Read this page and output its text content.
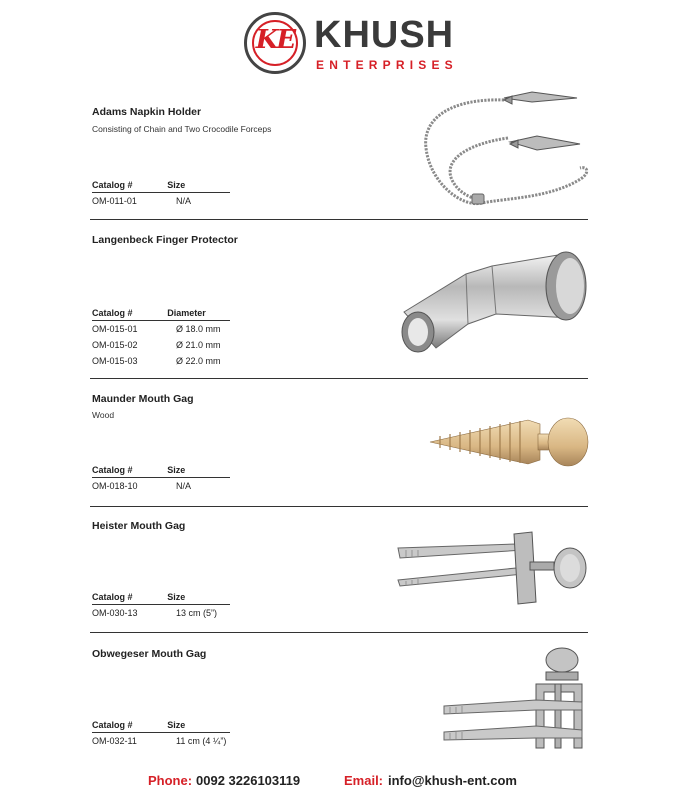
KE KHUSH
ENTERPRISES
Adams Napkin Holder
Consisting of Chain and Two Crocodile Forceps
Catalog #	Size
OM-011-01	N/A
Langenbeck Finger Protector
Catalog #	Diameter
OM-015-01	Ø 18.0 mm
OM-015-02	Ø 21.0 mm
OM-015-03	Ø 22.0 mm
Maunder Mouth Gag
Wood
Catalog #	Size
OM-018-10	N/A
Heister Mouth Gag
Catalog #	Size
OM-030-13	13 cm (5”)
Obwegeser Mouth Gag
Catalog #	Size
OM-032-11	11 cm (4 ¼”)
Phone: 0092 3226103119	Email: info@khush-ent.com
